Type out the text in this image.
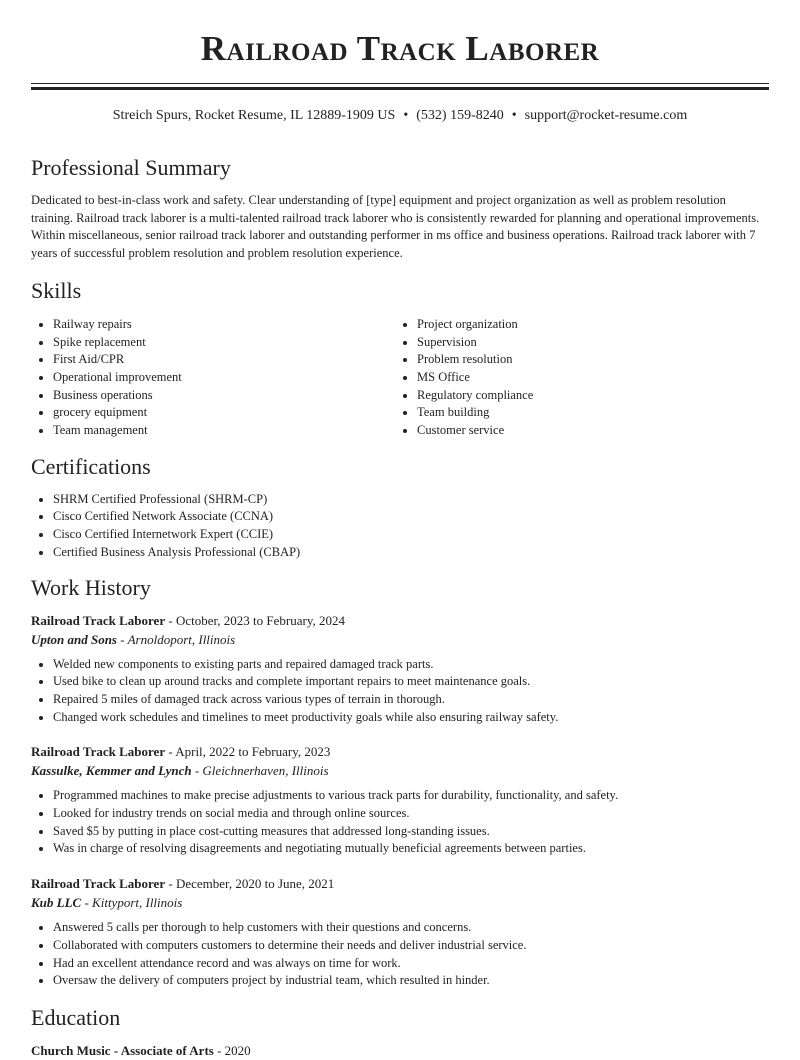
Railroad Track Laborer
Streich Spurs, Rocket Resume, IL 12889-1909 US • (532) 159-8240 • support@rocket-resume.com
Professional Summary

Dedicated to best-in-class work and safety. Clear understanding of [type] equipment and project organization as well as problem resolution training. Railroad track laborer is a multi-talented railroad track laborer who is consistently rewarded for planning and operational improvements. Within miscellaneous, senior railroad track laborer and outstanding performer in ms office and business operations. Railroad track laborer with 7 years of successful problem resolution and problem resolution experience.

Skills
• Railway repairs
• Spike replacement
• First Aid/CPR
• Operational improvement
• Business operations
• grocery equipment
• Team management
• Project organization
• Supervision
• Problem resolution
• MS Office
• Regulatory compliance
• Team building
• Customer service
Certifications
• SHRM Certified Professional (SHRM-CP)
• Cisco Certified Network Associate (CCNA)
• Cisco Certified Internetwork Expert (CCIE)
• Certified Business Analysis Professional (CBAP)
Work History
Railroad Track Laborer - October, 2023 to February, 2024
Upton and Sons - Arnoldoport, Illinois
• Welded new components to existing parts and repaired damaged track parts.
• Used bike to clean up around tracks and complete important repairs to meet maintenance goals.
• Repaired 5 miles of damaged track across various types of terrain in thorough.
• Changed work schedules and timelines to meet productivity goals while also ensuring railway safety.
Railroad Track Laborer - April, 2022 to February, 2023
Kassulke, Kemmer and Lynch - Gleichnerhaven, Illinois
• Programmed machines to make precise adjustments to various track parts for durability, functionality, and safety.
• Looked for industry trends on social media and through online sources.
• Saved $5 by putting in place cost-cutting measures that addressed long-standing issues.
• Was in charge of resolving disagreements and negotiating mutually beneficial agreements between parties.
Railroad Track Laborer - December, 2020 to June, 2021
Kub LLC - Kittyport, Illinois
• Answered 5 calls per thorough to help customers with their questions and concerns.
• Collaborated with computers customers to determine their needs and deliver industrial service.
• Had an excellent attendance record and was always on time for work.
• Oversaw the delivery of computers project by industrial team, which resulted in hinder.
Education
Church Music - Associate of Arts - 2020
